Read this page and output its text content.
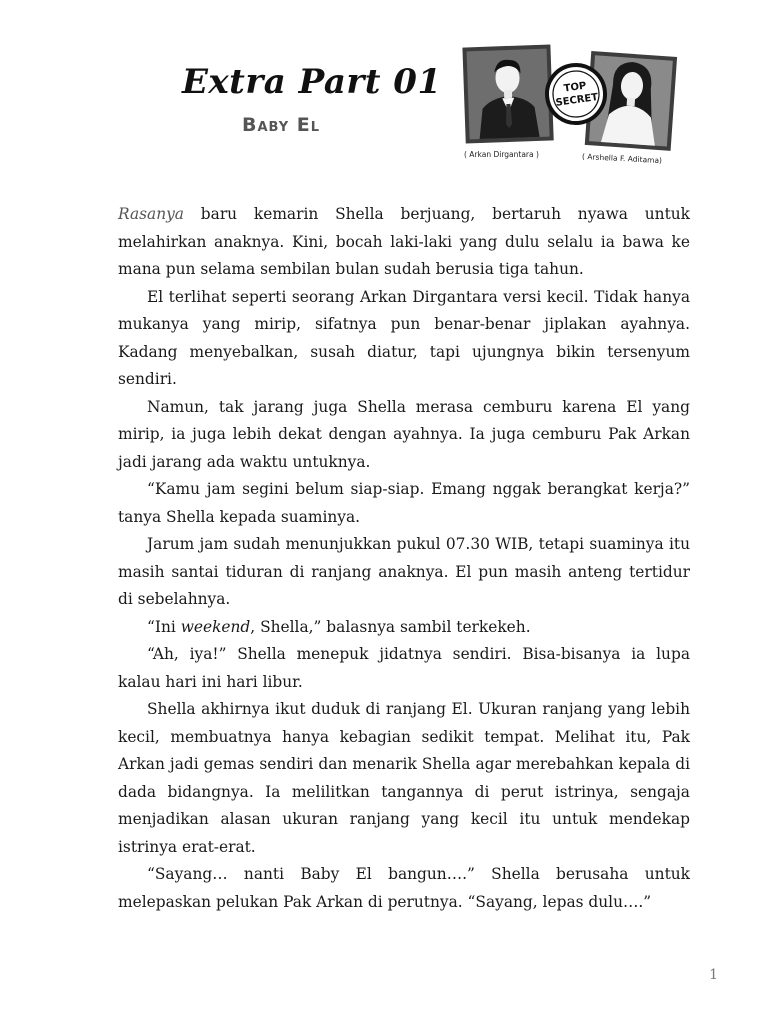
Extra Part 01
Baby El
TOP
SECRET
( Arkan Dirgantara )	( Arshella F. Aditama)

Rasanya baru kemarin Shella berjuang, bertaruh nyawa untuk melahirkan anaknya. Kini, bocah laki-laki yang dulu selalu ia bawa ke mana pun selama sembilan bulan sudah berusia tiga tahun.

El terlihat seperti seorang Arkan Dirgantara versi kecil. Tidak hanya mukanya yang mirip, sifatnya pun benar-benar jiplakan ayahnya. Kadang menyebalkan, susah diatur, tapi ujungnya bikin tersenyum sendiri.

Namun, tak jarang juga Shella merasa cemburu karena El yang mirip, ia juga lebih dekat dengan ayahnya. Ia juga cemburu Pak Arkan jadi jarang ada waktu untuknya.

“Kamu jam segini belum siap-siap. Emang nggak berangkat kerja?” tanya Shella kepada suaminya.

Jarum jam sudah menunjukkan pukul 07.30 WIB, tetapi suaminya itu masih santai tiduran di ranjang anaknya. El pun masih anteng tertidur di sebelahnya.

“Ini weekend, Shella,” balasnya sambil terkekeh.

“Ah, iya!” Shella menepuk jidatnya sendiri. Bisa-bisanya ia lupa kalau hari ini hari libur.

Shella akhirnya ikut duduk di ranjang El. Ukuran ranjang yang lebih kecil, membuatnya hanya kebagian sedikit tempat. Melihat itu, Pak Arkan jadi gemas sendiri dan menarik Shella agar merebahkan kepala di dada bidangnya. Ia melilitkan tangannya di perut istrinya, sengaja menjadikan alasan ukuran ranjang yang kecil itu untuk mendekap istrinya erat-erat.

“Sayang… nanti Baby El bangun….” Shella berusaha untuk melepaskan pelukan Pak Arkan di perutnya. “Sayang, lepas dulu….”

1
